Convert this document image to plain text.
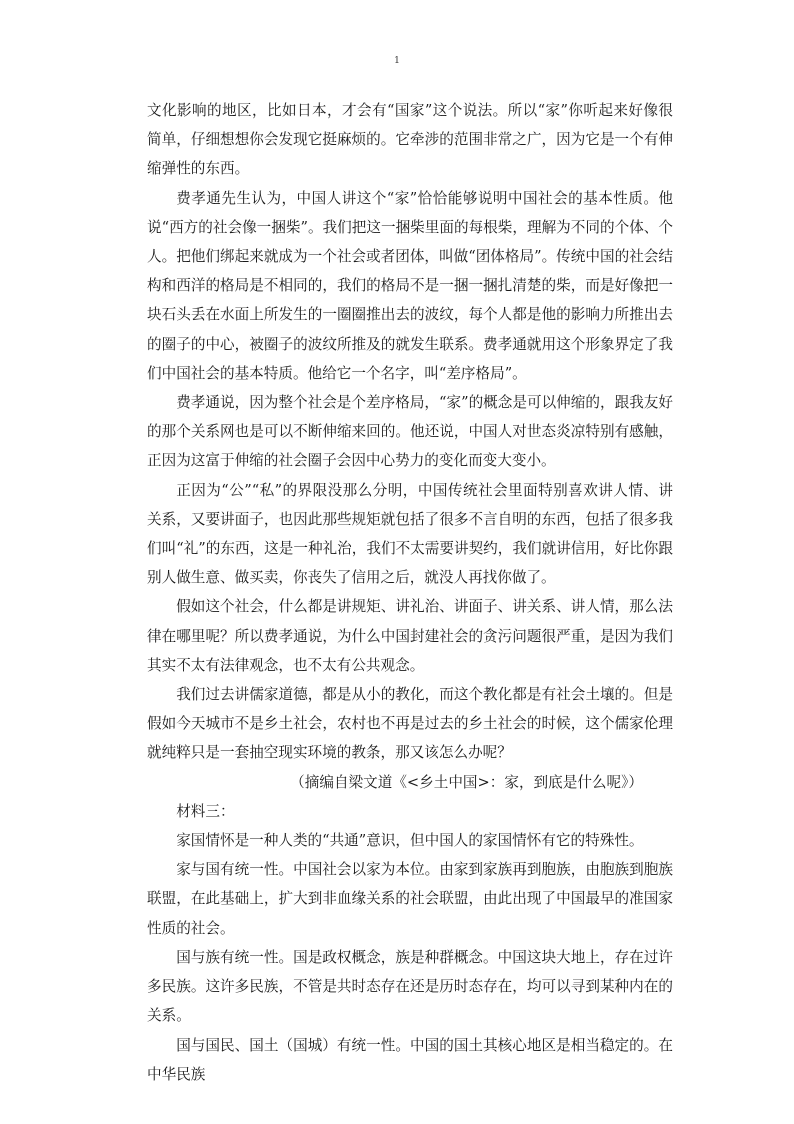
1

文化影响的地区，比如日本，才会有“国家”这个说法。所以“家”你听起来好像很简单，仔细想想你会发现它挺麻烦的。它牵涉的范围非常之广，因为它是一个有伸缩弹性的东西。

费孝通先生认为，中国人讲这个“家”恰恰能够说明中国社会的基本性质。他说“西方的社会像一捆柴”。我们把这一捆柴里面的每根柴，理解为不同的个体、个人。把他们绑起来就成为一个社会或者团体，叫做“团体格局”。传统中国的社会结构和西洋的格局是不相同的，我们的格局不是一捆一捆扎清楚的柴，而是好像把一块石头丢在水面上所发生的一圈圈推出去的波纹，每个人都是他的影响力所推出去的圈子的中心，被圈子的波纹所推及的就发生联系。费孝通就用这个形象界定了我们中国社会的基本特质。他给它一个名字，叫“差序格局”。

费孝通说，因为整个社会是个差序格局，“家”的概念是可以伸缩的，跟我友好的那个关系网也是可以不断伸缩来回的。他还说，中国人对世态炎凉特别有感触，正因为这富于伸缩的社会圈子会因中心势力的变化而变大变小。

正因为“公”“私”的界限没那么分明，中国传统社会里面特别喜欢讲人情、讲关系，又要讲面子，也因此那些规矩就包括了很多不言自明的东西，包括了很多我们叫“礼”的东西，这是一种礼治，我们不太需要讲契约，我们就讲信用，好比你跟别人做生意、做买卖，你丧失了信用之后，就没人再找你做了。

假如这个社会，什么都是讲规矩、讲礼治、讲面子、讲关系、讲人情，那么法律在哪里呢？所以费孝通说，为什么中国封建社会的贪污问题很严重，是因为我们其实不太有法律观念，也不太有公共观念。

我们过去讲儒家道德，都是从小的教化，而这个教化都是有社会土壤的。但是假如今天城市不是乡土社会，农村也不再是过去的乡土社会的时候，这个儒家伦理就纯粹只是一套抽空现实环境的教条，那又该怎么办呢？

（摘编自梁文道《<乡土中国>：家，到底是什么呢》）

材料三：

家国情怀是一种人类的“共通”意识，但中国人的家国情怀有它的特殊性。

家与国有统一性。中国社会以家为本位。由家到家族再到胞族，由胞族到胞族联盟，在此基础上，扩大到非血缘关系的社会联盟，由此出现了中国最早的准国家性质的社会。

国与族有统一性。国是政权概念，族是种群概念。中国这块大地上，存在过许多民族。这许多民族，不管是共时态存在还是历时态存在，均可以寻到某种内在的关系。

国与国民、国土（国城）有统一性。中国的国土其核心地区是相当稳定的。在中华民族
